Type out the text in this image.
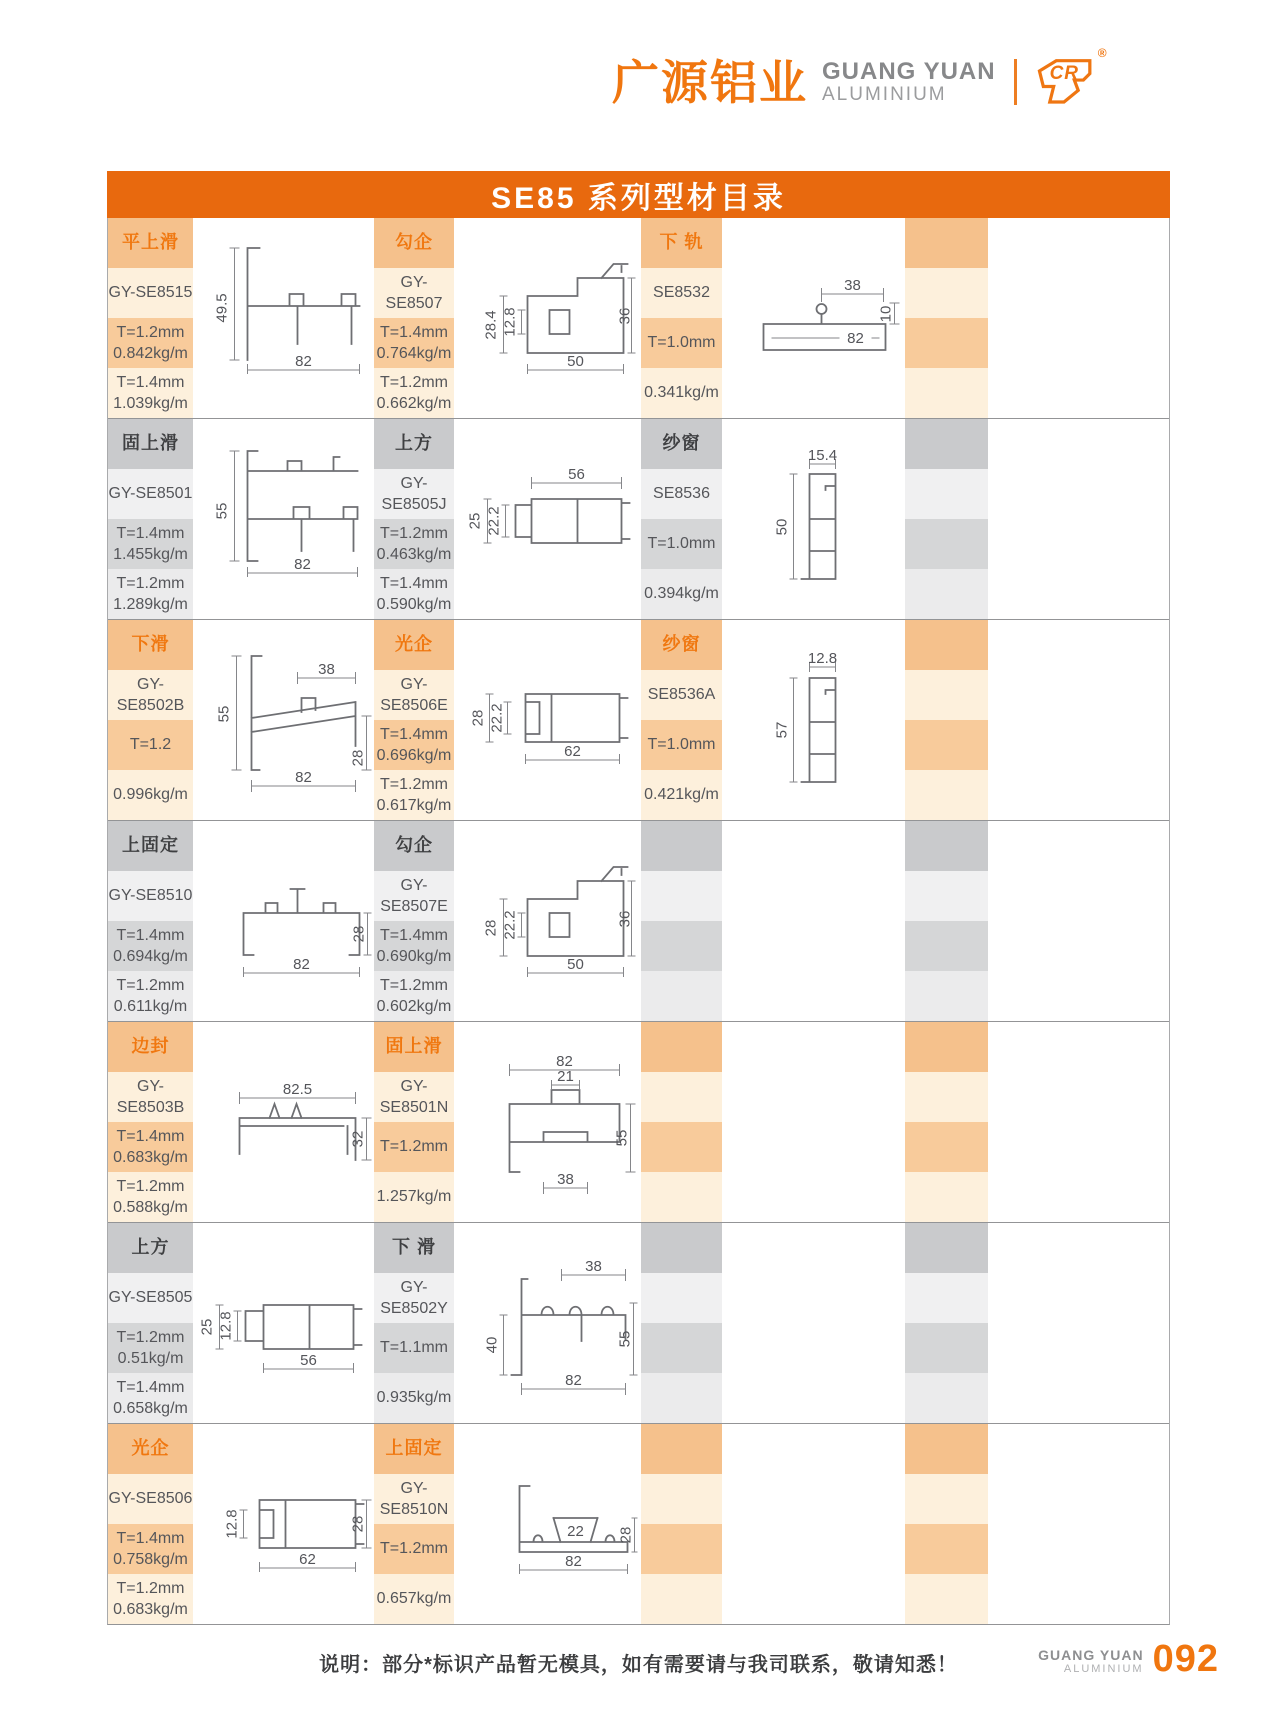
广源铝业 GUANG YUAN
ALUMINIUM
CR
®
SE85 系列型材目录
平上滑
GY-SE8515
T=1.2mm
0.842kg/m
T=1.4mm
1.039kg/m
49.5
82
勾企
GY-SE8507
T=1.4mm
0.764kg/m
T=1.2mm
0.662kg/m
28.4 12.8
50
36
下 轨
SE8532
T=1.0mm
0.341kg/m
38
10
82
固上滑
GY-SE8501
T=1.4mm
1.455kg/m
T=1.2mm
1.289kg/m
55
82
上方
GY-SE8505J
T=1.2mm
0.463kg/m
T=1.4mm
0.590kg/m
56
25 22.2
纱窗
SE8536
T=1.0mm
0.394kg/m
15.4
50
下滑
GY-SE8502B
T=1.2
0.996kg/m
38
55
82
28
光企
GY-SE8506E
T=1.4mm
0.696kg/m
T=1.2mm
0.617kg/m
28 22.2
62
纱窗
SE8536A
T=1.0mm
0.421kg/m
12.8
57
上固定
GY-SE8510
T=1.4mm
0.694kg/m
T=1.2mm
0.611kg/m
82
28
勾企
GY-SE8507E
T=1.4mm
0.690kg/m
T=1.2mm
0.602kg/m
28 22.2
50
36
边封
GY-SE8503B
T=1.4mm
0.683kg/m
T=1.2mm
0.588kg/m
82.5
32
固上滑
GY-SE8501N
T=1.2mm
1.257kg/m
82
21
38
55
上方
GY-SE8505
T=1.2mm
0.51kg/m
T=1.4mm
0.658kg/m
25 12.8
56
下 滑
GY-SE8502Y
T=1.1mm
0.935kg/m
38
40
82
55
光企
GY-SE8506
T=1.4mm
0.758kg/m
T=1.2mm
0.683kg/m
12.8
62
28
上固定
GY-SE8510N
T=1.2mm
0.657kg/m
22
82
28
说明：部分*标识产品暂无模具，如有需要请与我司联系，敬请知悉！	GUANG YUAN
ALUMINIUM 092
